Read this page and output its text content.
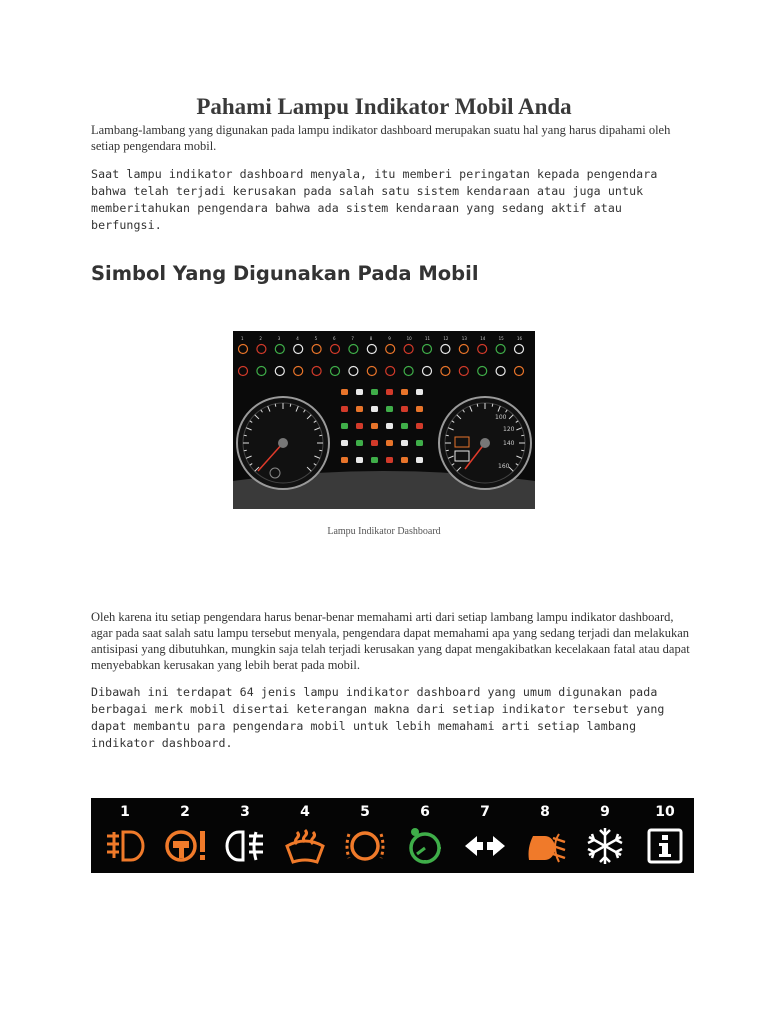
Pahami Lampu Indikator Mobil Anda

Lambang-lambang yang digunakan pada lampu indikator dashboard merupakan suatu hal yang harus dipahami oleh setiap pengendara mobil.

Saat lampu indikator dashboard menyala, itu memberi peringatan kepada pengendara bahwa telah terjadi kerusakan pada salah satu sistem kendaraan atau juga untuk memberitahukan pengendara bahwa ada sistem kendaraan yang sedang aktif atau berfungsi.

Simbol Yang Digunakan Pada Mobil
1	2	3	4	5	6	7	8	9	10	11	12	13	14	15	16
100
120
140
160

Lampu Indikator Dashboard

Oleh karena itu setiap pengendara harus benar-benar memahami arti dari setiap lambang lampu indikator dashboard, agar pada saat salah satu lampu tersebut menyala, pengendara dapat memahami apa yang sedang terjadi dan melakukan antisipasi yang dibutuhkan, mungkin saja telah terjadi kerusakan yang dapat mengakibatkan kecelakaan fatal atau dapat menyebabkan kerusakan yang lebih berat pada mobil.

Dibawah ini terdapat 64 jenis lampu indikator dashboard yang umum digunakan pada berbagai merk mobil disertai keterangan makna dari setiap indikator tersebut yang dapat membantu para pengendara mobil untuk lebih memahami arti setiap lambang indikator dashboard.

1	2	3	4	5	6	7	8	9	10
